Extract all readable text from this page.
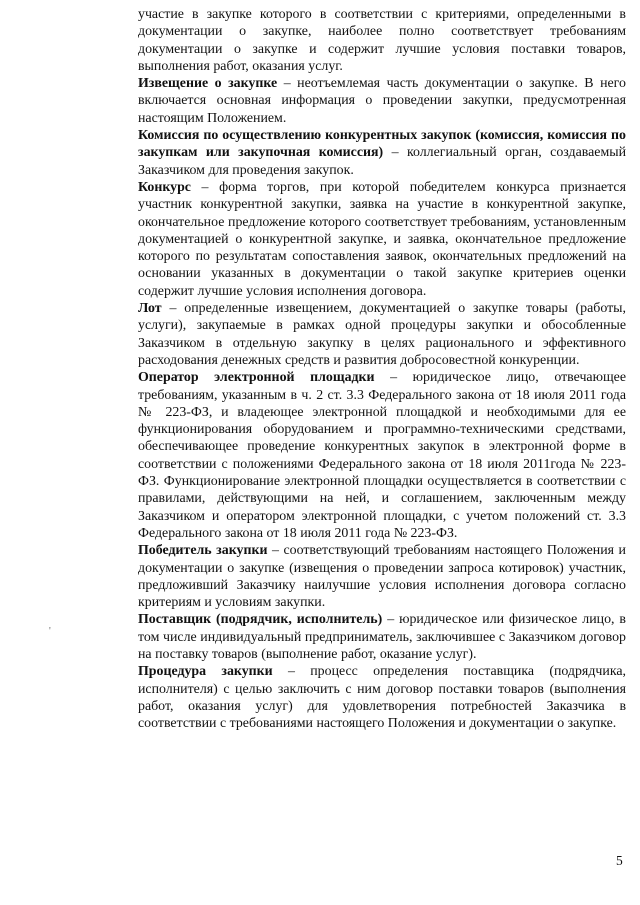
участие в закупке которого в соответствии с критериями, определенными в документации о закупке, наиболее полно соответствует требованиям документации о закупке и содержит лучшие условия поставки товаров, выполнения работ, оказания услуг.

Извещение о закупке – неотъемлемая часть документации о закупке. В него включается основная информация о проведении закупки, предусмотренная настоящим Положением.

Комиссия по осуществлению конкурентных закупок (комиссия, комиссия по закупкам или закупочная комиссия) – коллегиальный орган, создаваемый Заказчиком для проведения закупок.

Конкурс – форма торгов, при которой победителем конкурса признается участник конкурентной закупки, заявка на участие в конкурентной закупке, окончательное предложение которого соответствует требованиям, установленным документацией о конкурентной закупке, и заявка, окончательное предложение которого по результатам сопоставления заявок, окончательных предложений на основании указанных в документации о такой закупке критериев оценки содержит лучшие условия исполнения договора.

Лот – определенные извещением, документацией о закупке товары (работы, услуги), закупаемые в рамках одной процедуры закупки и обособленные Заказчиком в отдельную закупку в целях рационального и эффективного расходования денежных средств и развития добросовестной конкуренции.

Оператор электронной площадки – юридическое лицо, отвечающее требованиям, указанным в ч. 2 ст. 3.3 Федерального закона от 18 июля 2011 года № 223-ФЗ, и владеющее электронной площадкой и необходимыми для ее функционирования оборудованием и программно-техническими средствами, обеспечивающее проведение конкурентных закупок в электронной форме в соответствии с положениями Федерального закона от 18 июля 2011года № 223-ФЗ. Функционирование электронной площадки осуществляется в соответствии с правилами, действующими на ней, и соглашением, заключенным между Заказчиком и оператором электронной площадки, с учетом положений ст. 3.3 Федерального закона от 18 июля 2011 года № 223-ФЗ.

Победитель закупки – соответствующий требованиям настоящего Положения и документации о закупке (извещения о проведении запроса котировок) участник, предложивший Заказчику наилучшие условия исполнения договора согласно критериям и условиям закупки.

Поставщик (подрядчик, исполнитель) – юридическое или физическое лицо, в том числе индивидуальный предприниматель, заключившее с Заказчиком договор на поставку товаров (выполнение работ, оказание услуг).

Процедура закупки – процесс определения поставщика (подрядчика, исполнителя) с целью заключить с ним договор поставки товаров (выполнения работ, оказания услуг) для удовлетворения потребностей Заказчика в соответствии с требованиями настоящего Положения и документации о закупке.

'
5
